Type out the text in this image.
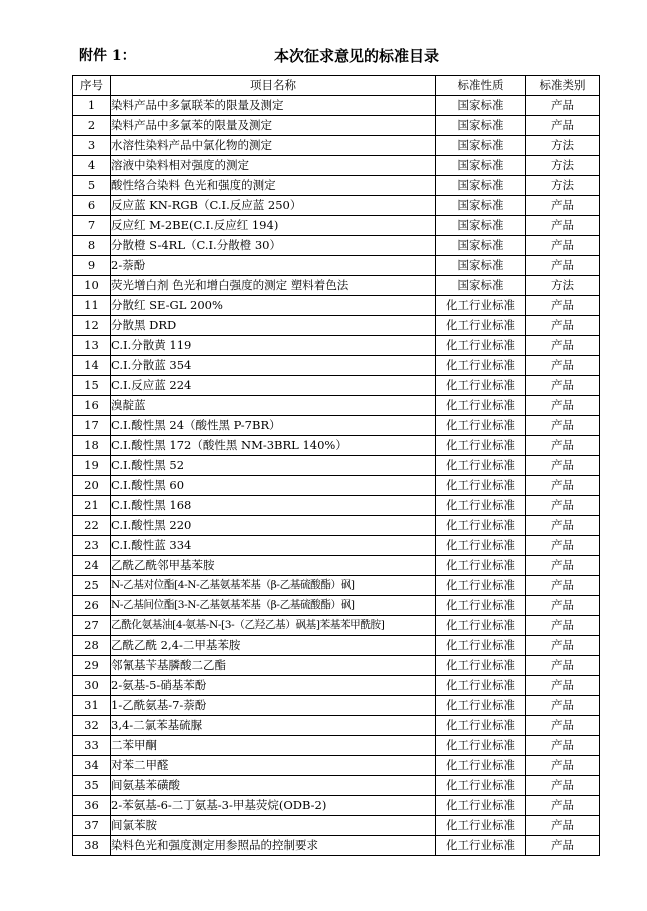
附件 1：	本次征求意见的标准目录
序号	项目名称	标准性质	标准类别
1	染料产品中多氯联苯的限量及测定	国家标准	产品
2	染料产品中多氯苯的限量及测定	国家标准	产品
3	水溶性染料产品中氯化物的测定	国家标准	方法
4	溶液中染料相对强度的测定	国家标准	方法
5	酸性络合染料 色光和强度的测定	国家标准	方法
6	反应蓝 KN-RGB（C.I.反应蓝 250）	国家标准	产品
7	反应红 M-2BE(C.I.反应红 194)	国家标准	产品
8	分散橙 S-4RL（C.I.分散橙 30）	国家标准	产品
9	2-萘酚	国家标准	产品
10	荧光增白剂 色光和增白强度的测定 塑料着色法	国家标准	方法
11	分散红 SE-GL 200%	化工行业标准	产品
12	分散黑 DRD	化工行业标准	产品
13	C.I.分散黄 119	化工行业标准	产品
14	C.I.分散蓝 354	化工行业标准	产品
15	C.I.反应蓝 224	化工行业标准	产品
16	溴靛蓝	化工行业标准	产品
17	C.I.酸性黑 24（酸性黑 P-7BR）	化工行业标准	产品
18	C.I.酸性黑 172（酸性黑 NM-3BRL 140%）	化工行业标准	产品
19	C.I.酸性黑 52	化工行业标准	产品
20	C.I.酸性黑 60	化工行业标准	产品
21	C.I.酸性黑 168	化工行业标准	产品
22	C.I.酸性黑 220	化工行业标准	产品
23	C.I.酸性蓝 334	化工行业标准	产品
24	乙酰乙酰邻甲基苯胺	化工行业标准	产品
25	N-乙基对位酯[4-N-乙基氨基苯基（β-乙基硫酸酯）砜]	化工行业标准	产品
26	N-乙基间位酯[3-N-乙基氨基苯基（β-乙基硫酸酯）砜]	化工行业标准	产品
27	乙酰化氨基油[4-氨基-N-[3-（乙羟乙基）砜基]苯基苯甲酰胺]	化工行业标准	产品
28	乙酰乙酰 2,4-二甲基苯胺	化工行业标准	产品
29	邻氰基苄基膦酸二乙酯	化工行业标准	产品
30	2-氨基-5-硝基苯酚	化工行业标准	产品
31	1-乙酰氨基-7-萘酚	化工行业标准	产品
32	3,4-二氯苯基硫脲	化工行业标准	产品
33	二苯甲酮	化工行业标准	产品
34	对苯二甲醛	化工行业标准	产品
35	间氨基苯磺酸	化工行业标准	产品
36	2-苯氨基-6-二丁氨基-3-甲基荧烷(ODB-2)	化工行业标准	产品
37	间氯苯胺	化工行业标准	产品
38	染料色光和强度测定用参照品的控制要求	化工行业标准	产品
